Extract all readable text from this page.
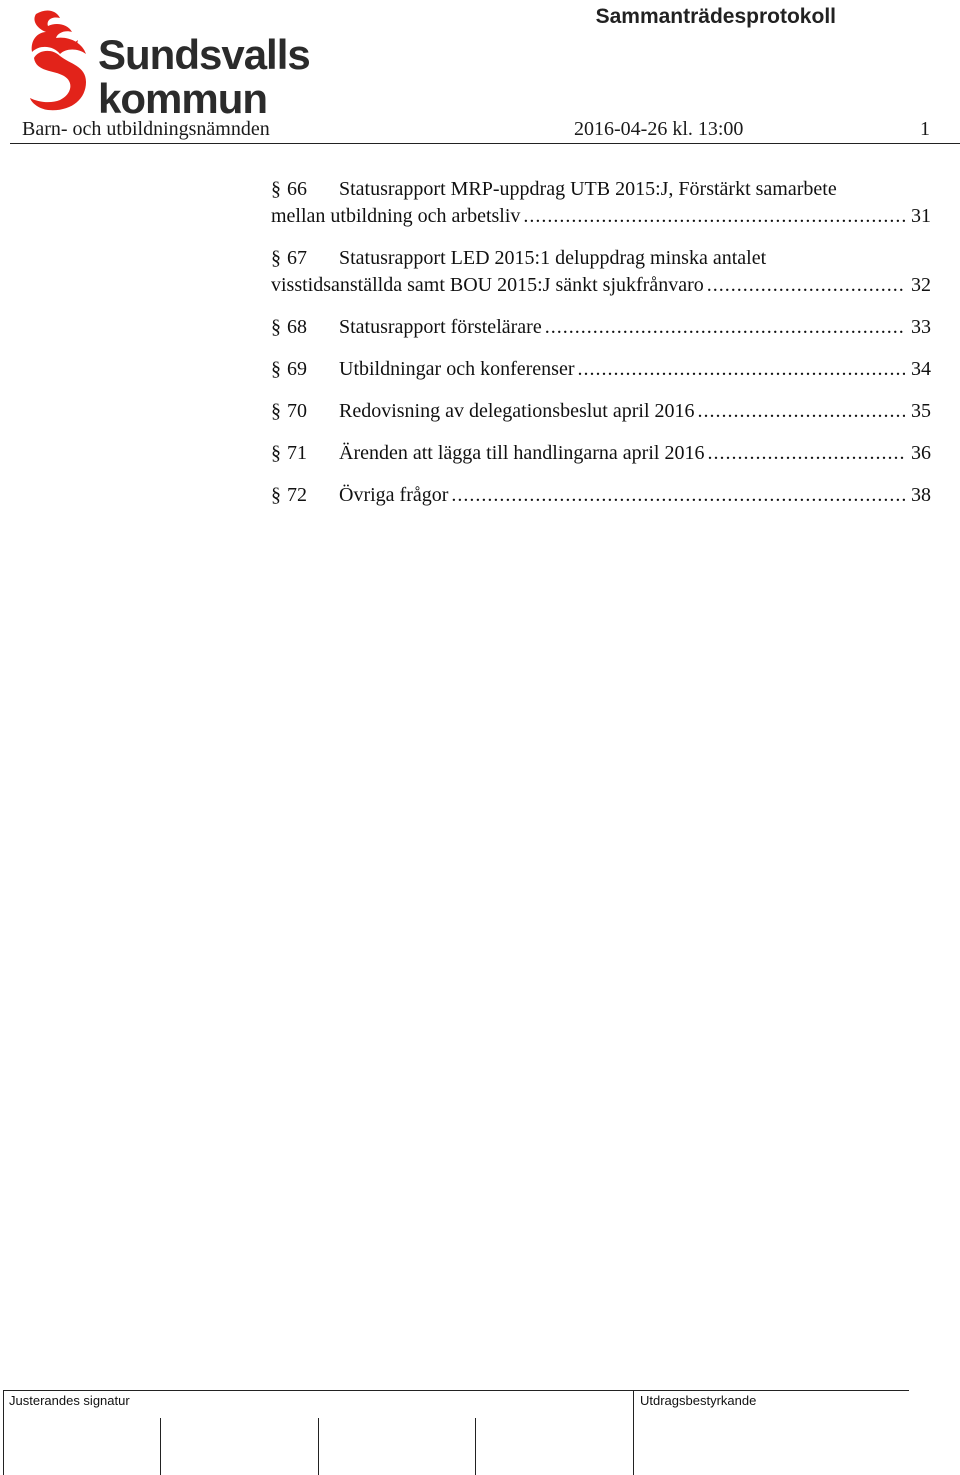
Sundsvalls
kommun
Sammanträdesprotokoll
Barn- och utbildningsnämnden	2016-04-26 kl. 13:00	1
§ 66	Statusrapport MRP-uppdrag UTB 2015:J, Förstärkt samarbete
mellan utbildning och arbetsliv .....	31
§ 67	Statusrapport LED 2015:1 deluppdrag minska antalet
visstidsanställda samt BOU 2015:J sänkt sjukfrånvaro .....	32
§ 68	Statusrapport förstelärare .....	33
§ 69	Utbildningar och konferenser .....	34
§ 70	Redovisning av delegationsbeslut april 2016 .....	35
§ 71	Ärenden att lägga till handlingarna april 2016 .....	36
§ 72	Övriga frågor .....	38
Justerandes signatur	Utdragsbestyrkande
